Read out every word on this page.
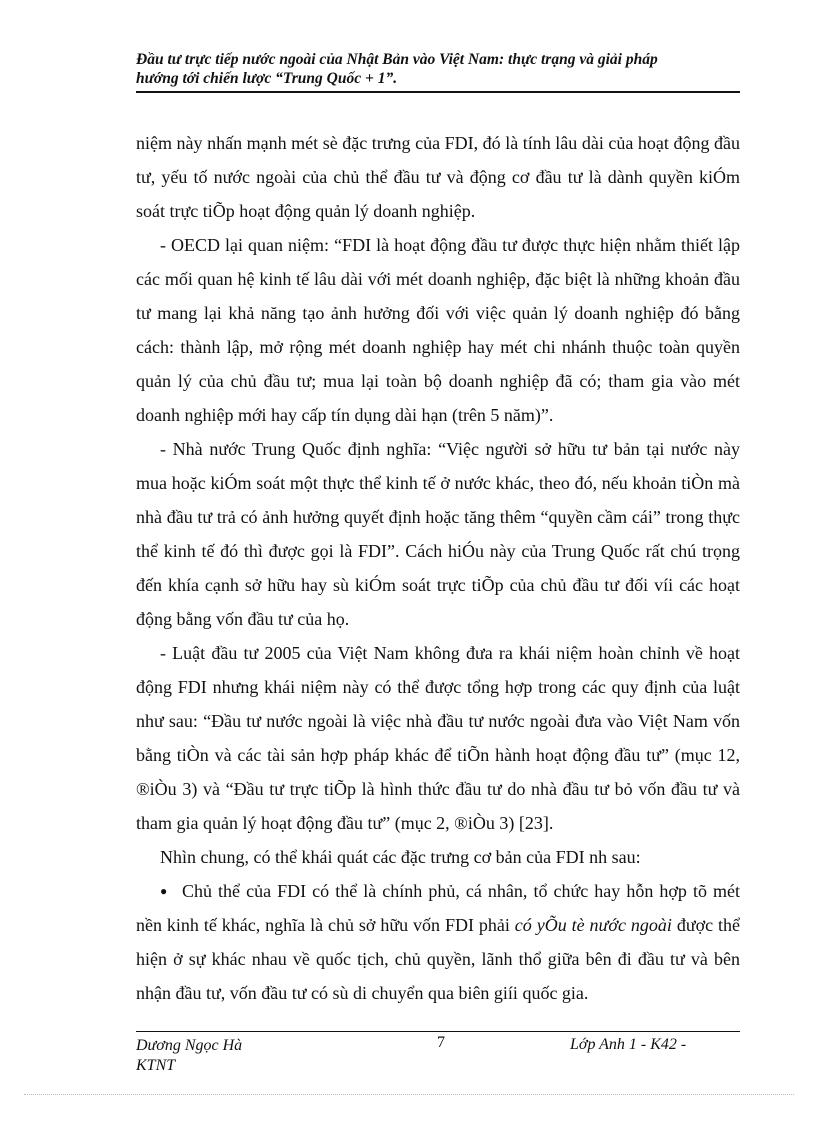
Đầu tư trực tiếp nước ngoài của Nhật Bản vào Việt Nam: thực trạng và giải pháp
hướng tới chiến lược “Trung Quốc + 1”.

niệm này nhấn mạnh mét sè đặc trưng của FDI, đó là tính lâu dài của hoạt động đầu tư, yếu tố nước ngoài của chủ thể đầu tư và động cơ đầu tư là dành quyền kiÓm soát trực tiÕp hoạt động quản lý doanh nghiệp.

- OECD lại quan niệm: “FDI là hoạt động đầu tư được thực hiện nhằm thiết lập các mối quan hệ kinh tế lâu dài với mét doanh nghiệp, đặc biệt là những khoản đầu tư mang lại khả năng tạo ảnh hưởng đối với việc quản lý doanh nghiệp đó bằng cách: thành lập, mở rộng mét doanh nghiệp hay mét chi nhánh thuộc toàn quyền quản lý của chủ đầu tư; mua lại toàn bộ doanh nghiệp đã có; tham gia vào mét doanh nghiệp mới hay cấp tín dụng dài hạn (trên 5 năm)”.

- Nhà nước Trung Quốc định nghĩa: “Việc người sở hữu tư bản tại nước này mua hoặc kiÓm soát một thực thể kinh tế ở nước khác, theo đó, nếu khoản tiÒn mà nhà đầu tư trả có ảnh hưởng quyết định hoặc tăng thêm “quyền cầm cái” trong thực thể kinh tế đó thì được gọi là FDI”. Cách hiÓu này của Trung Quốc rất chú trọng đến khía cạnh sở hữu hay sù kiÓm soát trực tiÕp của chủ đầu tư đối víi các hoạt động bằng vốn đầu tư của họ.

- Luật đầu tư 2005 của Việt Nam không đưa ra khái niệm hoàn chỉnh về hoạt động FDI nhưng khái niệm này có thể được tổng hợp trong các quy định của luật như sau: “Đầu tư nước ngoài là việc nhà đầu tư nước ngoài đưa vào Việt Nam vốn bằng tiÒn và các tài sản hợp pháp khác để tiÕn hành hoạt động đầu tư” (mục 12, ®iÒu 3) và “Đầu tư trực tiÕp là hình thức đầu tư do nhà đầu tư bỏ vốn đầu tư và tham gia quản lý hoạt động đầu tư” (mục 2, ®iÒu 3) [23].

Nhìn chung, có thể khái quát các đặc trưng cơ bản của FDI nh sau:

● Chủ thể của FDI có thể là chính phủ, cá nhân, tổ chức hay hỗn hợp tõ mét nền kinh tế khác, nghĩa là chủ sở hữu vốn FDI phải có yÕu tè nước ngoài được thể hiện ở sự khác nhau về quốc tịch, chủ quyền, lãnh thổ giữa bên đi đầu tư và bên nhận đầu tư, vốn đầu tư có sù di chuyển qua biên giíi quốc gia.

Dương Ngọc Hà
KTNT
7	Lớp Anh 1 - K42 -
